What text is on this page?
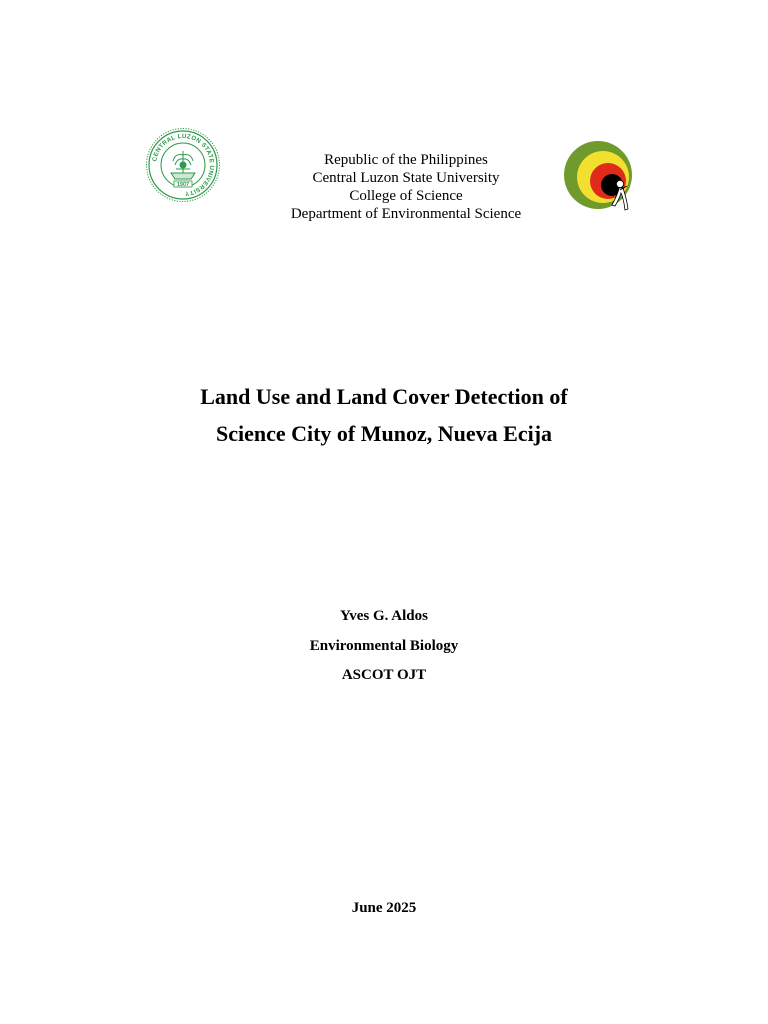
CENTRAL LUZON STATE UNIVERSITY
1907
Republic of the Philippines
Central Luzon State University
College of Science
Department of Environmental Science
Land Use and Land Cover Detection of
Science City of Munoz, Nueva Ecija
Yves G. Aldos
Environmental Biology
ASCOT OJT
June 2025
